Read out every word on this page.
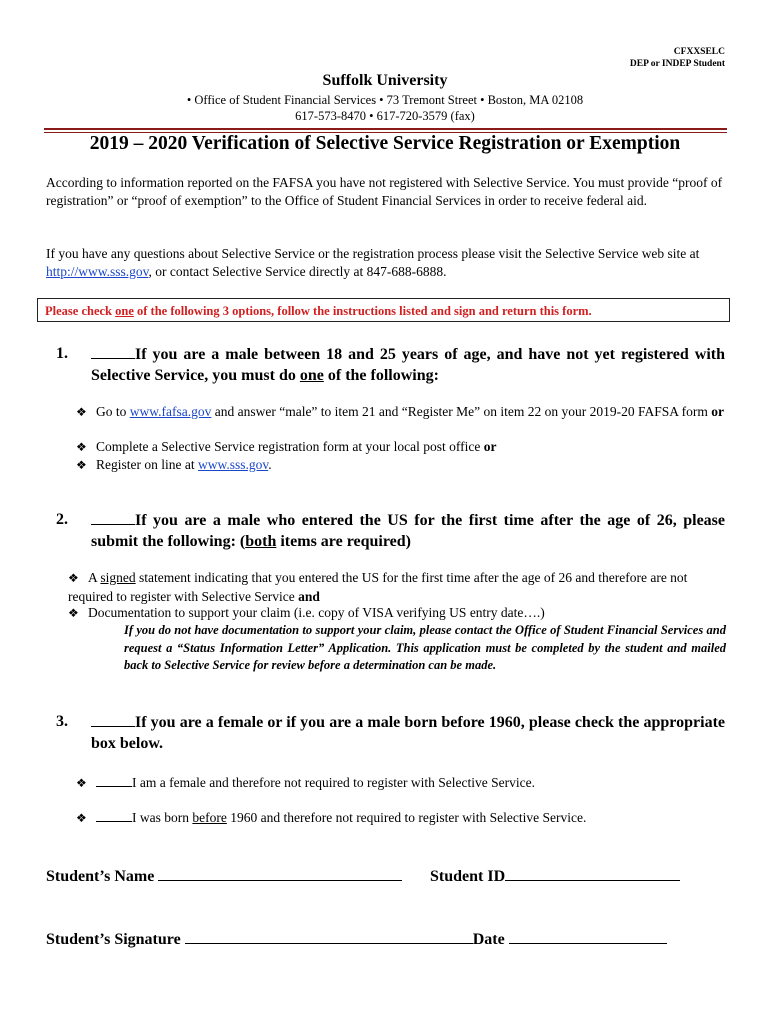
CFXXSELC
DEP or INDEP Student
Suffolk University
• Office of Student Financial Services • 73 Tremont Street • Boston, MA 02108
617-573-8470 • 617-720-3579 (fax)
2019 – 2020 Verification of Selective Service Registration or Exemption

According to information reported on the FAFSA you have not registered with Selective Service. You must provide “proof of registration” or “proof of exemption” to the Office of Student Financial Services in order to receive federal aid.

If you have any questions about Selective Service or the registration process please visit the Selective Service web site at http://www.sss.gov, or contact Selective Service directly at 847-688-6888.

Please check one of the following 3 options, follow the instructions listed and sign and return this form.
1.	If you are a male between 18 and 25 years of age, and have not yet registered with Selective Service, you must do one of the following:

❖ Go to www.fafsa.gov and answer “male” to item 21 and “Register Me” on item 22 on your 2019-20 FAFSA form or
❖ Complete a Selective Service registration form at your local post office or
❖ Register on line at www.sss.gov.
2.	If you are a male who entered the US for the first time after the age of 26, please submit the following: (both items are required)

❖ A signed statement indicating that you entered the US for the first time after the age of 26 and therefore are not required to register with Selective Service and
❖ Documentation to support your claim (i.e. copy of VISA verifying US entry date….)

If you do not have documentation to support your claim, please contact the Office of Student Financial Services and request a “Status Information Letter” Application. This application must be completed by the student and mailed back to Selective Service for review before a determination can be made.

3.	If you are a female or if you are a male born before 1960, please check the appropriate box below.

❖	I am a female and therefore not required to register with Selective Service.
❖	I was born before 1960 and therefore not required to register with Selective Service.
Student’s Name	Student ID
Student’s Signature	Date
